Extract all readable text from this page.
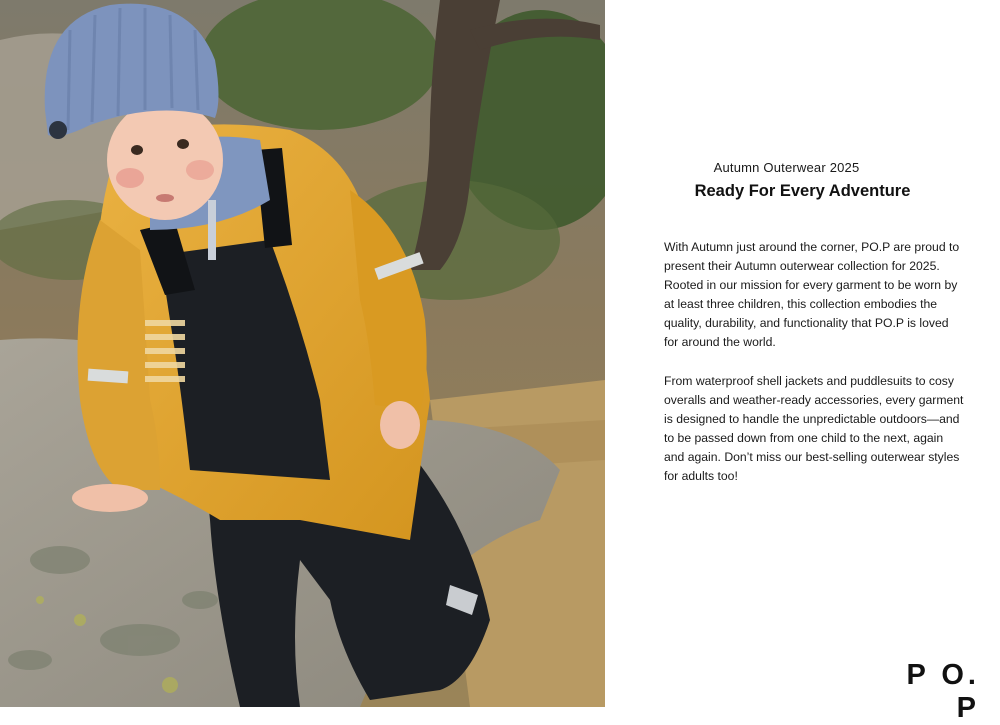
Autumn Outerwear 2025
Ready For Every Adventure

With Autumn just around the corner, PO.P are proud to present their Autumn outerwear collection for 2025. Rooted in our mission for every garment to be worn by at least three children, this collection embodies the quality, durability, and functionality that PO.P is loved for around the world.

From waterproof shell jackets and puddlesuits to cosy overalls and weather-ready accessories, every garment is designed to handle the unpredictable outdoors—and to be passed down from one child to the next, again and again. Don’t miss our best-selling outerwear styles for adults too!

P O. P
